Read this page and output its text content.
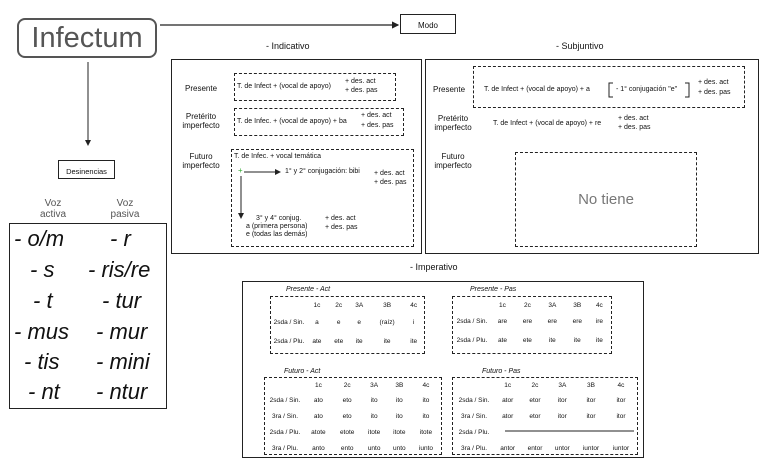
Infectum	Modo
Desinencias
Voz
activa
Voz
pasiva
- o/m	- r
- s - ris/re
- t - tur
- mus - mur
- tis - mini
- nt - ntur
- Indicativo
Presente	T. de Infect + (vocal de apoyo)
+ des. act
+ des. pas
Pretérito
imperfecto	T. de Infec. + (vocal de apoyo) + ba
+ des. act
+ des. pas
Futuro
imperfecto
T. de Infec. + vocal temática
+	1° y 2° conjugación: bibi + des. act
+ des. pas
3° y 4° conjug.
a (primera persona)
e (todas las demás)
+ des. act
+ des. pas
- Subjuntivo
Presente	T. de Infect + (vocal de apoyo) + a	- 1° conjugación "e"
+ des. act
+ des. pas
Pretérito
imperfecto	T. de Infect + (vocal de apoyo) + re
+ des. act
+ des. pas
Futuro
imperfecto
No tiene
- Imperativo
Presente - Act
	1c	2c	3A	3B	4c
2sda / Sin.	a	e	e	(raíz)	i
2sda / Plu.	ate	ete	ite	ite	ite
Presente - Pas
	1c	2c	3A	3B	4c
2sda / Sin.	are	ere	ere	ere	ire
2sda / Plu.	ate	ete	ite	ite	ite
Futuro - Act
	1c	2c	3A	3B	4c
2sda / Sin.	ato	eto	ito	ito	ito
3ra / Sin.	ato	eto	ito	ito	ito
2sda / Plu.	atote	etote	itote	itote	itote
3ra / Plu.	anto	ento	unto	unto	iunto
Futuro - Pas
	1c	2c	3A	3B	4c
2sda / Sin.	ator	etor	itor	itor	itor
3ra / Sin.	ator	etor	itor	itor	itor
2sda / Plu.					
3ra / Plu.	antor	entor	untor	iuntor	iuntor
